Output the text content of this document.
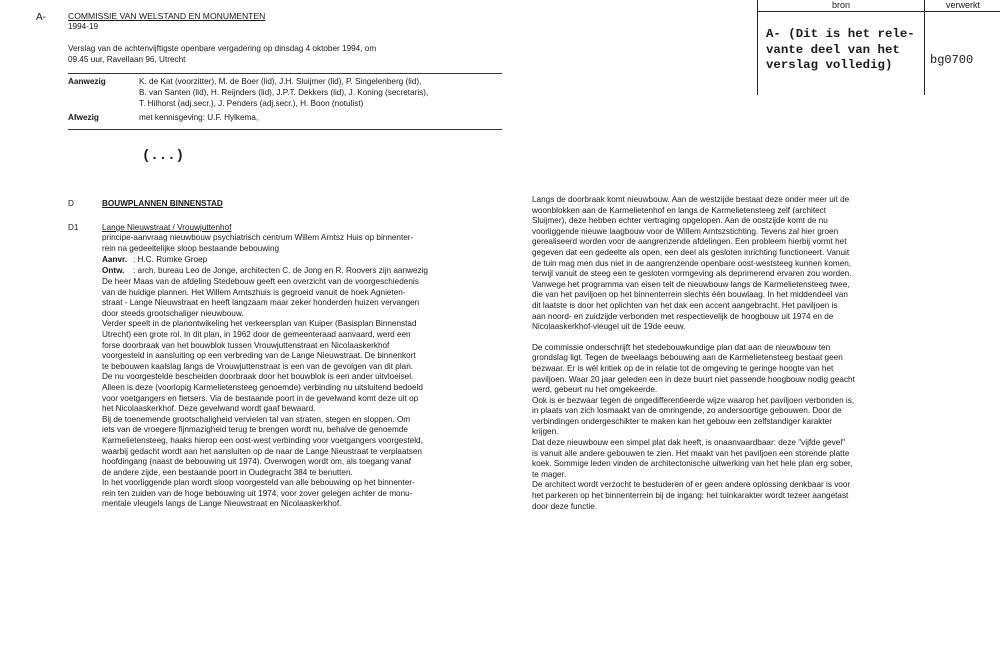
A-	COMMISSIE VAN WELSTAND EN MONUMENTEN
1994-19
Verslag van de achtenvijftigste openbare vergadering op dinsdag 4 oktober 1994, om
09.45 uur, Ravellaan 96, Utrecht
Aanwezig	K. de Kat (voorzitter), M. de Boer (lid), J.H. Sluijmer (lid), P. Singelenberg (lid),
B. van Santen (lid), H. Reijnders (lid), J.P.T. Dekkers (lid), J. Koning (secretaris),
T. Hilhorst (adj.secr.), J. Penders (adj.secr.), H. Boon (notulist)
Afwezig	met kennisgeving: U.F. Hylkema,
(...)
bron	verwerkt
A- (Dit is het rele-
vante deel van het
verslag volledig)	bg0700
D	BOUWPLANNEN BINNENSTAD
D1	Lange Nieuwstraat / Vrouwjuttenhof
principe-aanvraag nieuwbouw psychiatrisch centrum Willem Arntsz Huis op binnenter-
rein na gedeeltelijke sloop bestaande bebouwing
Aanvr. : H.C. Rumke Groep
Ontw. : arch. bureau Leo de Jonge, architecten C. de Jong en R. Roovers zijn aanwezig
De heer Maas van de afdeling Stedebouw geeft een overzicht van de voorgeschiedenis
van de huidige plannen. Het Willem Arntszhuis is gegroeid vanuit de hoek Agnieten-
straat - Lange Nieuwstraat en heeft langzaam maar zeker honderden huizen vervangen
door steeds grootschaliger nieuwbouw.
Verder speelt in de planontwikeling het verkeersplan van Kuiper (Basisplan Binnenstad
Utrecht) een grote rol. In dit plan, in 1962 door de gemeenteraad aanvaard, werd een
forse doorbraak van het bouwblok tussen Vrouwjuttenstraat en Nicolaaskerkhof
voorgesteld in aansluiting op een verbreding van de Lange Nieuwstraat. De binnenkort
te bebouwen kaalslag langs de Vrouwjuttenstraat is een van de gevolgen van dit plan.
De nu voorgestelde bescheiden doorbraak door het bouwblok is een ander uitvloeisel.
Alleen is deze (voorlopig Karmelietensteeg genoemde) verbinding nu uitsluitend bedoeld
voor voetgangers en fietsers. Via de bestaande poort in de gevelwand komt deze uit op
het Nicolaaskerkhof. Deze gevelwand wordt gaaf bewaard.
Bij de toenemende grootschaligheid vervielen tal van straten, stegen en sloppen. Om
iets van de vroegere fijnmazigheid terug te brengen wordt nu, behalve de genoemde
Karmelietensteeg, haaks hierop een oost-west verbinding voor voetgangers voorgesteld,
waarbij gedacht wordt aan het aansluiten op de naar de Lange Nieustraat te verplaatsen
hoofdingang (naast de bebouwing uit 1974). Overwogen wordt om, als toegang vanaf
de andere zijde, een bestaande poort in Oudegracht 384 te benutten.
In het voorliggende plan wordt sloop voorgesteld van alle bebouwing op het binnenter-
rein ten zuiden van de hoge bebouwing uit 1974, voor zover gelegen achter de monu-
mentale vleugels langs de Lange Nieuwstraat en Nicolaaskerkhof.
Langs de doorbraak komt nieuwbouw. Aan de westzijde bestaat deze onder meer uit de
woonblokken aan de Karmelietenhof en langs de Karmelietensteeg zelf (architect
Sluijmer), deze hebben echter vertraging opgelopen. Aan de oostzijde komt de nu
voorliggende nieuwe laagbouw voor de Willem Arntszstichting. Tevens zal hier groen
gerealiseerd worden voor de aangrenzende afdelingen. Een probleem hierbij vormt het
gegeven dat een gedeelte als open, een deel als gesloten inrichting functioneert. Vanuit
de tuin mag men dus niet in de aangrenzende openbare oost-weststeeg kunnen komen,
terwijl vanuit de steeg een te gesloten vormgeving als deprimerend ervaren zou worden.
Vanwege het programma van eisen telt de nieuwbouw langs de Karmelietensteeg twee,
die van het paviljoen op het binnenterrein slechts één bouwlaag. In het middendeel van
dit laatste is door het oplichten van het dak een accent aangebracht. Het paviljoen is
aan noord- en zuidzijde verbonden met respectievelijk de hoogbouw uit 1974 en de
Nicolaaskerkhof-vleugel uit de 19de eeuw.
De commissie onderschrijft het stedebouwkundige plan dat aan de nieuwbouw ten
grondslag ligt. Tegen de tweelaags bebouwing aan de Karmelietensteeg bestaat geen
bezwaar. Er is wél kritiek op de in relatie tot de omgeving te geringe hoogte van het
paviljoen. Waar 20 jaar geleden een in deze buurt niet passende hoogbouw nodig geacht
werd, gebeurt nu het omgekeerde.
Ook is er bezwaar tegen de ongedifferentieerde wijze waarop het paviljoen verbonden is,
in plaats van zich losmaakt van de omringende, zo andersoortige gebouwen. Door de
verbindingen ondergeschikter te maken kan het gebouw een zelfstandiger karakter
krijgen.
Dat deze nieuwbouw een simpel plat dak heeft, is onaanvaardbaar: deze "vijfde gevel"
is vanuit alle andere gebouwen te zien. Het maakt van het paviljoen een storende platte
koek. Sommige leden vinden de architectonische uitwerking van het hele plan erg sober,
te mager.
De architect wordt verzocht te bestuderen of er geen andere oplossing denkbaar is voor
het parkeren op het binnenterrein bij de ingang: het tuinkarakter wordt tezeer aangetast
door deze functie.
